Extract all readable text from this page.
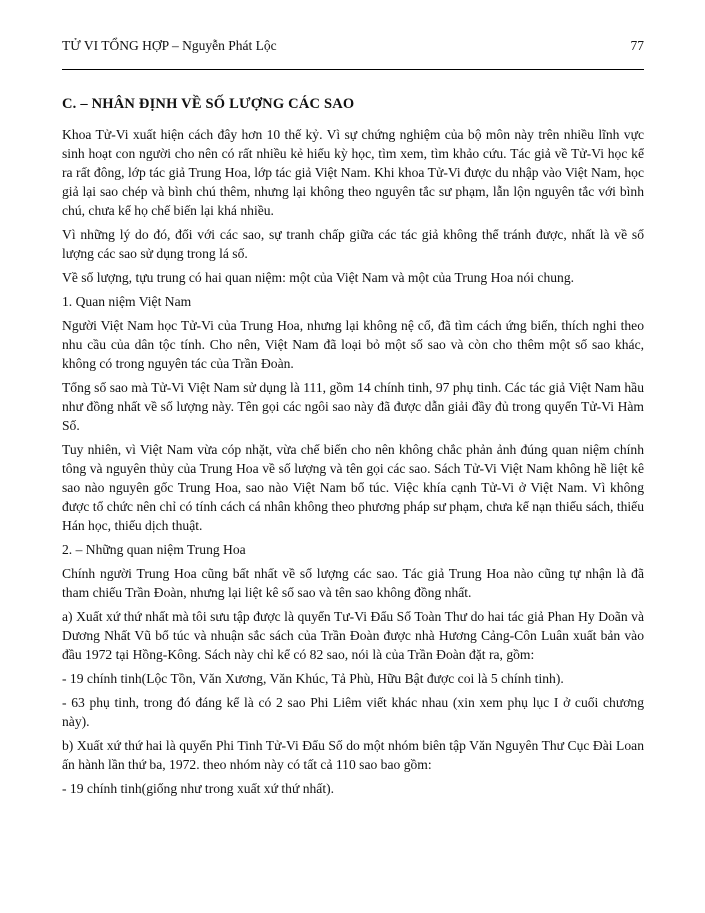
TỬ VI TỔNG HỢP – Nguyễn Phát Lộc	77
C. – NHÂN ĐỊNH VỀ SỐ LƯỢNG CÁC SAO

Khoa Tử-Vi xuất hiện cách đây hơn 10 thế kỷ. Vì sự chứng nghiệm của bộ môn này trên nhiều lĩnh vực sinh hoạt con người cho nên có rất nhiều kẻ hiếu kỳ học, tìm xem, tìm khảo cứu. Tác giả về Tử-Vi học kể ra rất đông, lớp tác giả Trung Hoa, lớp tác giả Việt Nam. Khi khoa Tử-Vi được du nhập vào Việt Nam, học giả lại sao chép và bình chú thêm, nhưng lại không theo nguyên tắc sư phạm, lẫn lộn nguyên tắc với bình chú, chưa kể họ chế biến lại khá nhiều.

Vì những lý do đó, đối với các sao, sự tranh chấp giữa các tác giả không thể tránh được, nhất là về số lượng các sao sử dụng trong lá số.

Về số lượng, tựu trung có hai quan niệm: một của Việt Nam và một của Trung Hoa nói chung.

1. Quan niệm Việt Nam

Người Việt Nam học Tử-Vi của Trung Hoa, nhưng lại không nệ cổ, đã tìm cách ứng biến, thích nghi theo nhu cầu của dân tộc tính. Cho nên, Việt Nam đã loại bỏ một số sao và còn cho thêm một số sao khác, không có trong nguyên tác của Trần Đoàn.

Tổng số sao mà Tử-Vi Việt Nam sử dụng là 111, gồm 14 chính tinh, 97 phụ tinh. Các tác giả Việt Nam hầu như đồng nhất về số lượng này. Tên gọi các ngôi sao này đã được dẫn giải đầy đủ trong quyển Tử-Vi Hàm Số.

Tuy nhiên, vì Việt Nam vừa cóp nhặt, vừa chế biến cho nên không chắc phản ảnh đúng quan niệm chính tông và nguyên thủy của Trung Hoa về số lượng và tên gọi các sao. Sách Tử-Vi Việt Nam không hề liệt kê sao nào nguyên gốc Trung Hoa, sao nào Việt Nam bổ túc. Việc khía cạnh Tử-Vi ở Việt Nam. Vì không được tổ chức nên chỉ có tính cách cá nhân không theo phương pháp sư phạm, chưa kể nạn thiếu sách, thiếu Hán học, thiếu dịch thuật.

2. – Những quan niệm Trung Hoa

Chính người Trung Hoa cũng bất nhất về số lượng các sao. Tác giả Trung Hoa nào cũng tự nhận là đã tham chiếu Trần Đoàn, nhưng lại liệt kê số sao và tên sao không đồng nhất.

a) Xuất xứ thứ nhất mà tôi sưu tập được là quyển Tư-Vi Đẩu Số Toàn Thư do hai tác giả Phan Hy Doãn và Dương Nhất Vũ bổ túc và nhuận sắc sách của Trần Đoàn được nhà Hương Cảng-Côn Luân xuất bản vào đầu 1972 tại Hồng-Kông. Sách này chỉ kể có 82 sao, nói là của Trần Đoàn đặt ra, gồm:

- 19 chính tinh(Lộc Tồn, Văn Xương, Văn Khúc, Tả Phù, Hữu Bật được coi là 5 chính tinh).

- 63 phụ tinh, trong đó đáng kể là có 2 sao Phi Liêm viết khác nhau (xin xem phụ lục I ở cuối chương này).

b) Xuất xứ thứ hai là quyển Phi Tinh Tử-Vi Đẩu Số do một nhóm biên tập Văn Nguyên Thư Cục Đài Loan ấn hành lần thứ ba, 1972. theo nhóm này có tất cả 110 sao bao gồm:

- 19 chính tinh(giống như trong xuất xứ thứ nhất).
